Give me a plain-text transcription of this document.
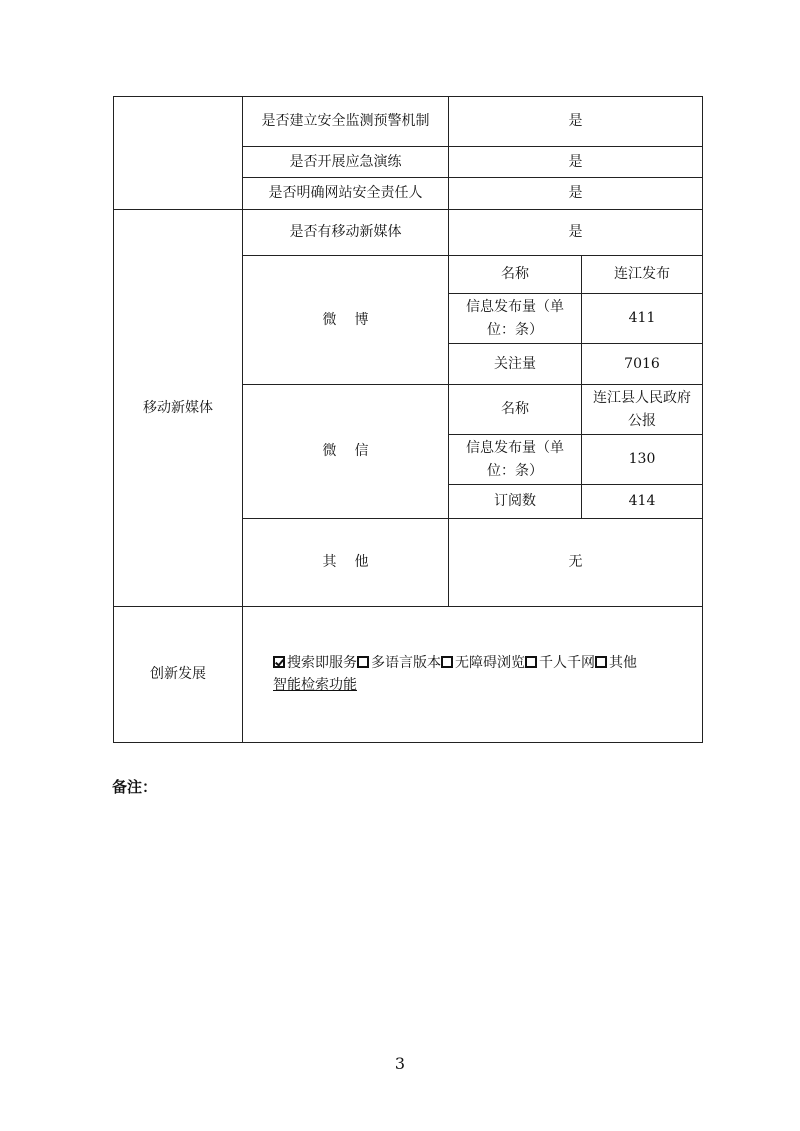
	是否建立安全监测预警机制	是	
	是否开展应急演练	是	
	是否明确网站安全责任人	是	
移动新媒体	是否有移动新媒体	是	
	微 博	名称	连江发布
		信息发布量（单位：条）	411
		关注量	7016
	微 信	名称	连江县人民政府公报
		信息发布量（单位：条）	130
		订阅数	414
	其 他	无	
创新发展	搜索即服务 多语言版本 无障碍浏览 千人千网 其他
智能检索功能		
备注：
3
